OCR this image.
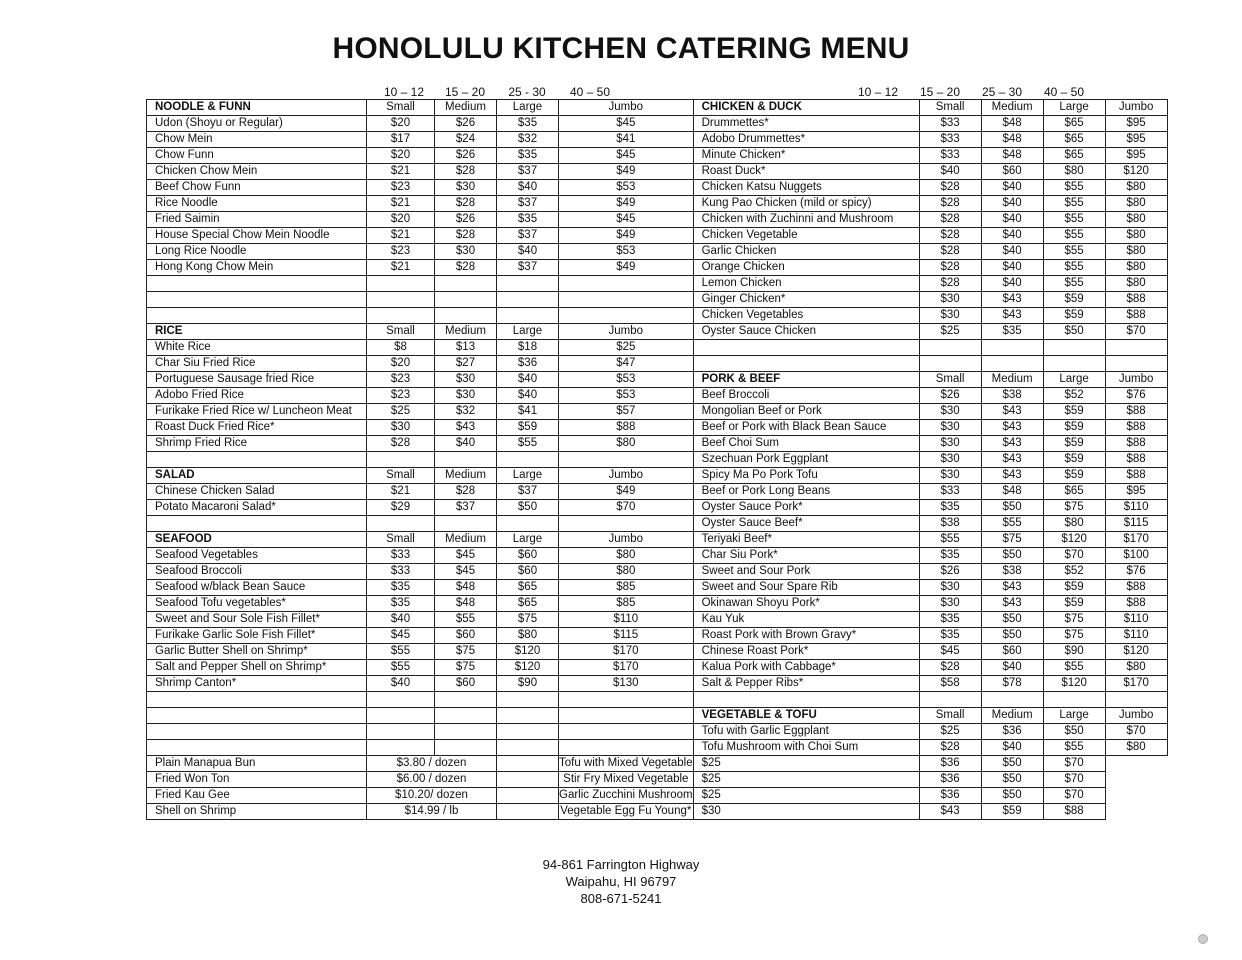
HONOLULU KITCHEN CATERING MENU
10 – 12	15 – 20	25 - 30	40 – 50	10 – 12	15 – 20	25 – 30	40 – 50
NOODLE & FUNN	Small	Medium	Large	Jumbo	CHICKEN & DUCK	Small	Medium	Large	Jumbo
Udon (Shoyu or Regular)	$20	$26	$35	$45	Drummettes*	$33	$48	$65	$95
Chow Mein	$17	$24	$32	$41	Adobo Drummettes*	$33	$48	$65	$95
Chow Funn	$20	$26	$35	$45	Minute Chicken*	$33	$48	$65	$95
Chicken Chow Mein	$21	$28	$37	$49	Roast Duck*	$40	$60	$80	$120
Beef Chow Funn	$23	$30	$40	$53	Chicken Katsu Nuggets	$28	$40	$55	$80
Rice Noodle	$21	$28	$37	$49	Kung Pao Chicken (mild or spicy)	$28	$40	$55	$80
Fried Saimin	$20	$26	$35	$45	Chicken with Zuchinni and Mushroom	$28	$40	$55	$80
House Special Chow Mein Noodle	$21	$28	$37	$49	Chicken Vegetable	$28	$40	$55	$80
Long Rice Noodle	$23	$30	$40	$53	Garlic Chicken	$28	$40	$55	$80
Hong Kong Chow Mein	$21	$28	$37	$49	Orange Chicken	$28	$40	$55	$80
					Lemon Chicken	$28	$40	$55	$80
					Ginger Chicken*	$30	$43	$59	$88
					Chicken Vegetables	$30	$43	$59	$88
RICE	Small	Medium	Large	Jumbo	Oyster Sauce Chicken	$25	$35	$50	$70
White Rice	$8	$13	$18	$25					
Char Siu Fried Rice	$20	$27	$36	$47					
Portuguese Sausage fried Rice	$23	$30	$40	$53	PORK & BEEF	Small	Medium	Large	Jumbo
Adobo Fried Rice	$23	$30	$40	$53	Beef Broccoli	$26	$38	$52	$76
Furikake Fried Rice w/ Luncheon Meat	$25	$32	$41	$57	Mongolian Beef or Pork	$30	$43	$59	$88
Roast Duck Fried Rice*	$30	$43	$59	$88	Beef or Pork with Black Bean Sauce	$30	$43	$59	$88
Shrimp Fried Rice	$28	$40	$55	$80	Beef Choi Sum	$30	$43	$59	$88
					Szechuan Pork Eggplant	$30	$43	$59	$88
SALAD	Small	Medium	Large	Jumbo	Spicy Ma Po Pork Tofu	$30	$43	$59	$88
Chinese Chicken Salad	$21	$28	$37	$49	Beef or Pork Long Beans	$33	$48	$65	$95
Potato Macaroni Salad*	$29	$37	$50	$70	Oyster Sauce Pork*	$35	$50	$75	$110
					Oyster Sauce Beef*	$38	$55	$80	$115
SEAFOOD	Small	Medium	Large	Jumbo	Teriyaki Beef*	$55	$75	$120	$170
Seafood Vegetables	$33	$45	$60	$80	Char Siu Pork*	$35	$50	$70	$100
Seafood Broccoli	$33	$45	$60	$80	Sweet and Sour Pork	$26	$38	$52	$76
Seafood w/black Bean Sauce	$35	$48	$65	$85	Sweet and Sour Spare Rib	$30	$43	$59	$88
Seafood Tofu vegetables*	$35	$48	$65	$85	Okinawan Shoyu Pork*	$30	$43	$59	$88
Sweet and Sour Sole Fish Fillet*	$40	$55	$75	$110	Kau Yuk	$35	$50	$75	$110
Furikake Garlic Sole Fish Fillet*	$45	$60	$80	$115	Roast Pork with Brown Gravy*	$35	$50	$75	$110
Garlic Butter Shell on Shrimp*	$55	$75	$120	$170	Chinese Roast Pork*	$45	$60	$90	$120
Salt and Pepper Shell on Shrimp*	$55	$75	$120	$170	Kalua Pork with Cabbage*	$28	$40	$55	$80
Shrimp Canton*	$40	$60	$90	$130	Salt & Pepper Ribs*	$58	$78	$120	$170

					VEGETABLE & TOFU	Small	Medium	Large	Jumbo
					Tofu with Garlic Eggplant	$25	$36	$50	$70
					Tofu Mushroom with Choi Sum	$28	$40	$55	$80
Plain Manapua Bun	$3.80 / dozen			Tofu with Mixed Vegetable	$25	$36	$50	$70	
Fried Won Ton	$6.00 / dozen			Stir Fry Mixed Vegetable	$25	$36	$50	$70	
Fried Kau Gee	$10.20/ dozen			Garlic Zucchini Mushroom	$25	$36	$50	$70	
Shell on Shrimp	$14.99 / lb			Vegetable Egg Fu Young*	$30	$43	$59	$88	
94-861 Farrington Highway
Waipahu, HI 96797
808-671-5241
